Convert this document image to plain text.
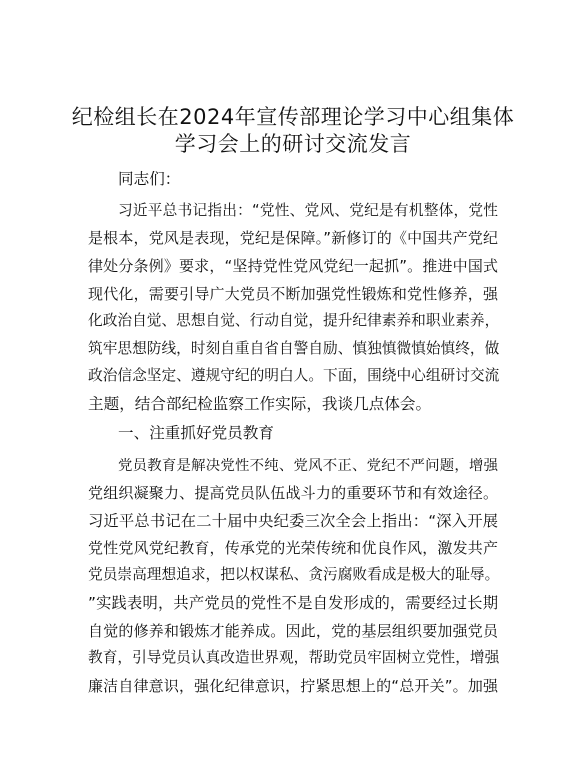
纪检组长在2024年宣传部理论学习中心组集体
学习会上的研讨交流发言
同志们：
习近平总书记指出：“党性、党风、党纪是有机整体，党性
是根本，党风是表现，党纪是保障。”新修订的《中国共产党纪
律处分条例》要求，“坚持党性党风党纪一起抓”。推进中国式
现代化，需要引导广大党员不断加强党性锻炼和党性修养，强
化政治自觉、思想自觉、行动自觉，提升纪律素养和职业素养，
筑牢思想防线，时刻自重自省自警自励、慎独慎微慎始慎终，做
政治信念坚定、遵规守纪的明白人。下面，围绕中心组研讨交流
主题，结合部纪检监察工作实际，我谈几点体会。
一、注重抓好党员教育
党员教育是解决党性不纯、党风不正、党纪不严问题，增强
党组织凝聚力、提高党员队伍战斗力的重要环节和有效途径。
习近平总书记在二十届中央纪委三次全会上指出：“深入开展
党性党风党纪教育，传承党的光荣传统和优良作风，激发共产
党员崇高理想追求，把以权谋私、贪污腐败看成是极大的耻辱。
”实践表明，共产党员的党性不是自发形成的，需要经过长期
自觉的修养和锻炼才能养成。因此，党的基层组织要加强党员
教育，引导党员认真改造世界观，帮助党员牢固树立党性，增强
廉洁自律意识，强化纪律意识，拧紧思想上的“总开关”。加强
